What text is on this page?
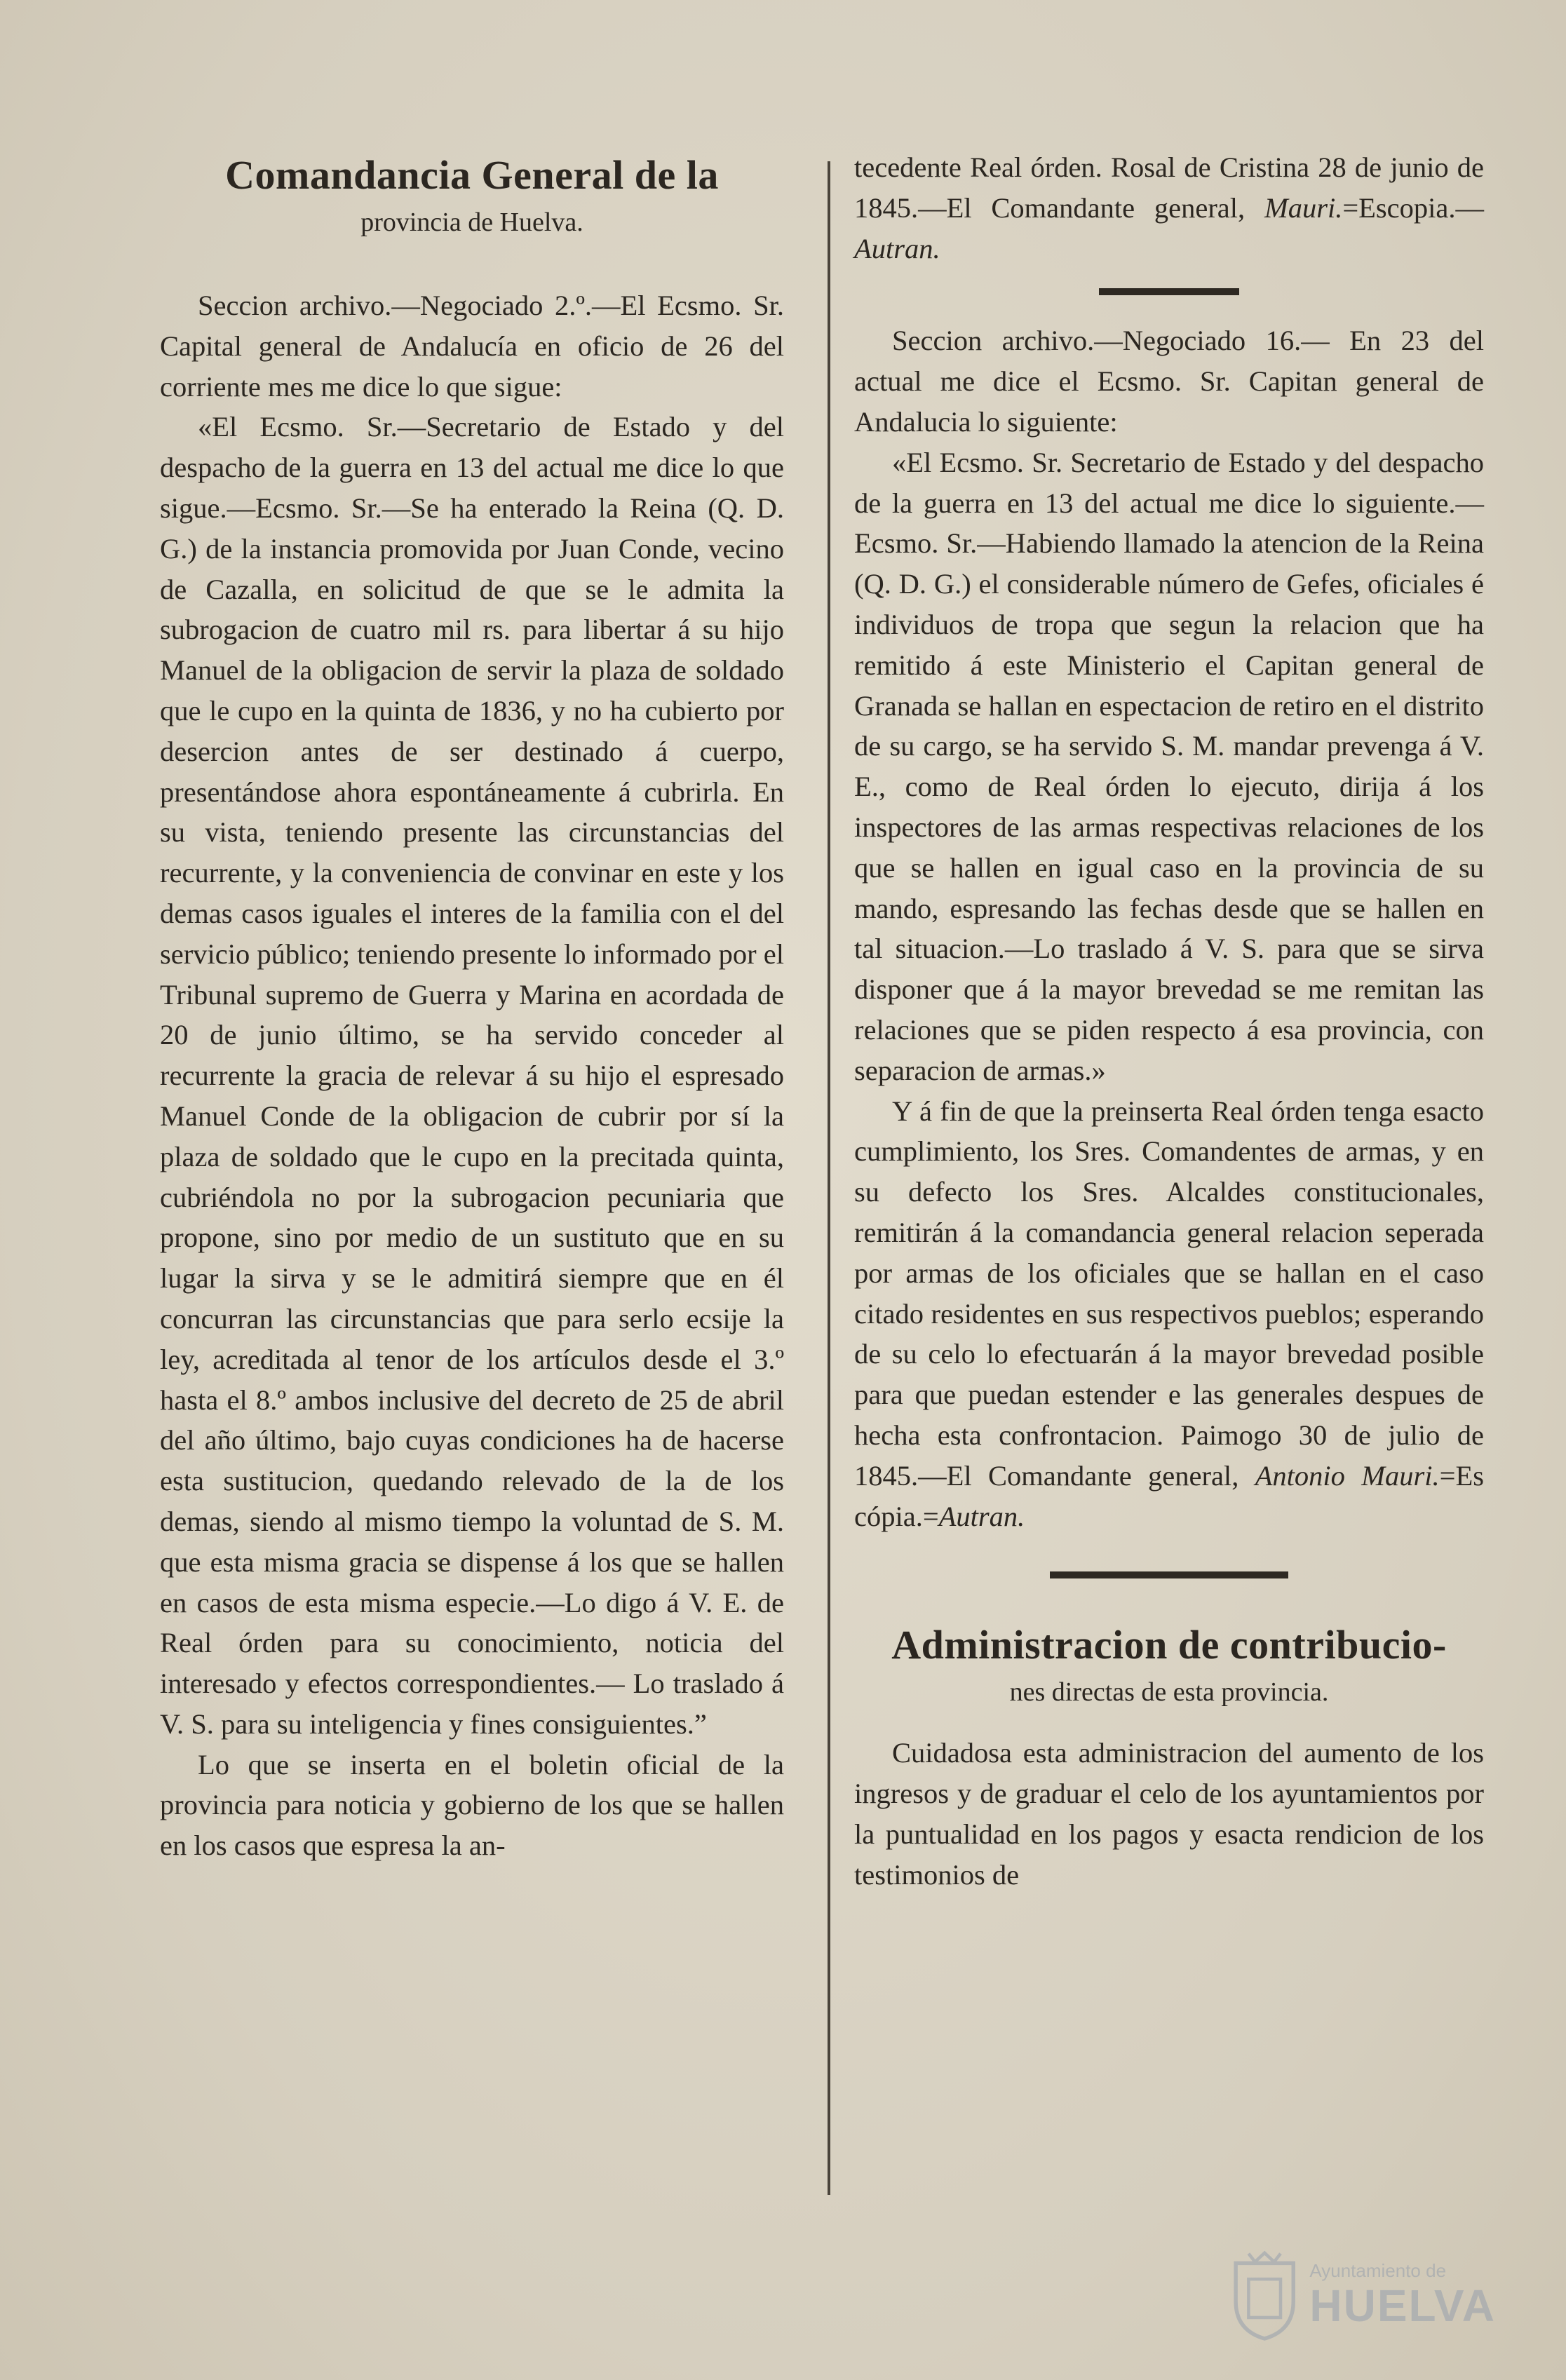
Comandancia General de la
provincia de Huelva.

Seccion archivo.—Negociado 2.º.—El Ecsmo. Sr. Capital general de Andalucía en oficio de 26 del corriente mes me dice lo que sigue:

«El Ecsmo. Sr.—Secretario de Estado y del despacho de la guerra en 13 del actual me dice lo que sigue.—Ecsmo. Sr.—Se ha enterado la Reina (Q. D. G.) de la instancia promovida por Juan Conde, vecino de Cazalla, en solicitud de que se le admita la subrogacion de cuatro mil rs. para libertar á su hijo Manuel de la obligacion de servir la plaza de soldado que le cupo en la quinta de 1836, y no ha cubierto por desercion antes de ser destinado á cuerpo, presentándose ahora espontáneamente á cubrirla. En su vista, teniendo presente las circunstancias del recurrente, y la conveniencia de convinar en este y los demas casos iguales el interes de la familia con el del servicio público; teniendo presente lo informado por el Tribunal supremo de Guerra y Marina en acordada de 20 de junio último, se ha servido conceder al recurrente la gracia de relevar á su hijo el espresado Manuel Conde de la obligacion de cubrir por sí la plaza de soldado que le cupo en la precitada quinta, cubriéndola no por la subrogacion pecuniaria que propone, sino por medio de un sustituto que en su lugar la sirva y se le admitirá siempre que en él concurran las circunstancias que para serlo ecsije la ley, acreditada al tenor de los artículos desde el 3.º hasta el 8.º ambos inclusive del decreto de 25 de abril del año último, bajo cuyas condiciones ha de hacerse esta sustitucion, quedando relevado de la de los demas, siendo al mismo tiempo la voluntad de S. M. que esta misma gracia se dispense á los que se hallen en casos de esta misma especie.—Lo digo á V. E. de Real órden para su conocimiento, noticia del interesado y efectos correspondientes.— Lo traslado á V. S. para su inteligencia y fines consiguientes.”

Lo que se inserta en el boletin oficial de la provincia para noticia y gobierno de los que se hallen en los casos que espresa la an-

tecedente Real órden. Rosal de Cristina 28 de junio de 1845.—El Comandante general, Mauri.=Escopia.—Autran.

Seccion archivo.—Negociado 16.— En 23 del actual me dice el Ecsmo. Sr. Capitan general de Andalucia lo siguiente:

«El Ecsmo. Sr. Secretario de Estado y del despacho de la guerra en 13 del actual me dice lo siguiente.—Ecsmo. Sr.—Habiendo llamado la atencion de la Reina (Q. D. G.) el considerable número de Gefes, oficiales é individuos de tropa que segun la relacion que ha remitido á este Ministerio el Capitan general de Granada se hallan en espectacion de retiro en el distrito de su cargo, se ha servido S. M. mandar prevenga á V. E., como de Real órden lo ejecuto, dirija á los inspectores de las armas respectivas relaciones de los que se hallen en igual caso en la provincia de su mando, espresando las fechas desde que se hallen en tal situacion.—Lo traslado á V. S. para que se sirva disponer que á la mayor brevedad se me remitan las relaciones que se piden respecto á esa provincia, con separacion de armas.»

Y á fin de que la preinserta Real órden tenga esacto cumplimiento, los Sres. Comandentes de armas, y en su defecto los Sres. Alcaldes constitucionales, remitirán á la comandancia general relacion seperada por armas de los oficiales que se hallan en el caso citado residentes en sus respectivos pueblos; esperando de su celo lo efectuarán á la mayor brevedad posible para que puedan estender e las generales despues de hecha esta confrontacion. Paimogo 30 de julio de 1845.—El Comandante general, Antonio Mauri.=Es cópia.=Autran.

Administracion de contribucio-
nes directas de esta provincia.

Cuidadosa esta administracion del aumento de los ingresos y de graduar el celo de los ayuntamientos por la puntualidad en los pagos y esacta rendicion de los testimonios de

Ayuntamiento de
HUELVA
